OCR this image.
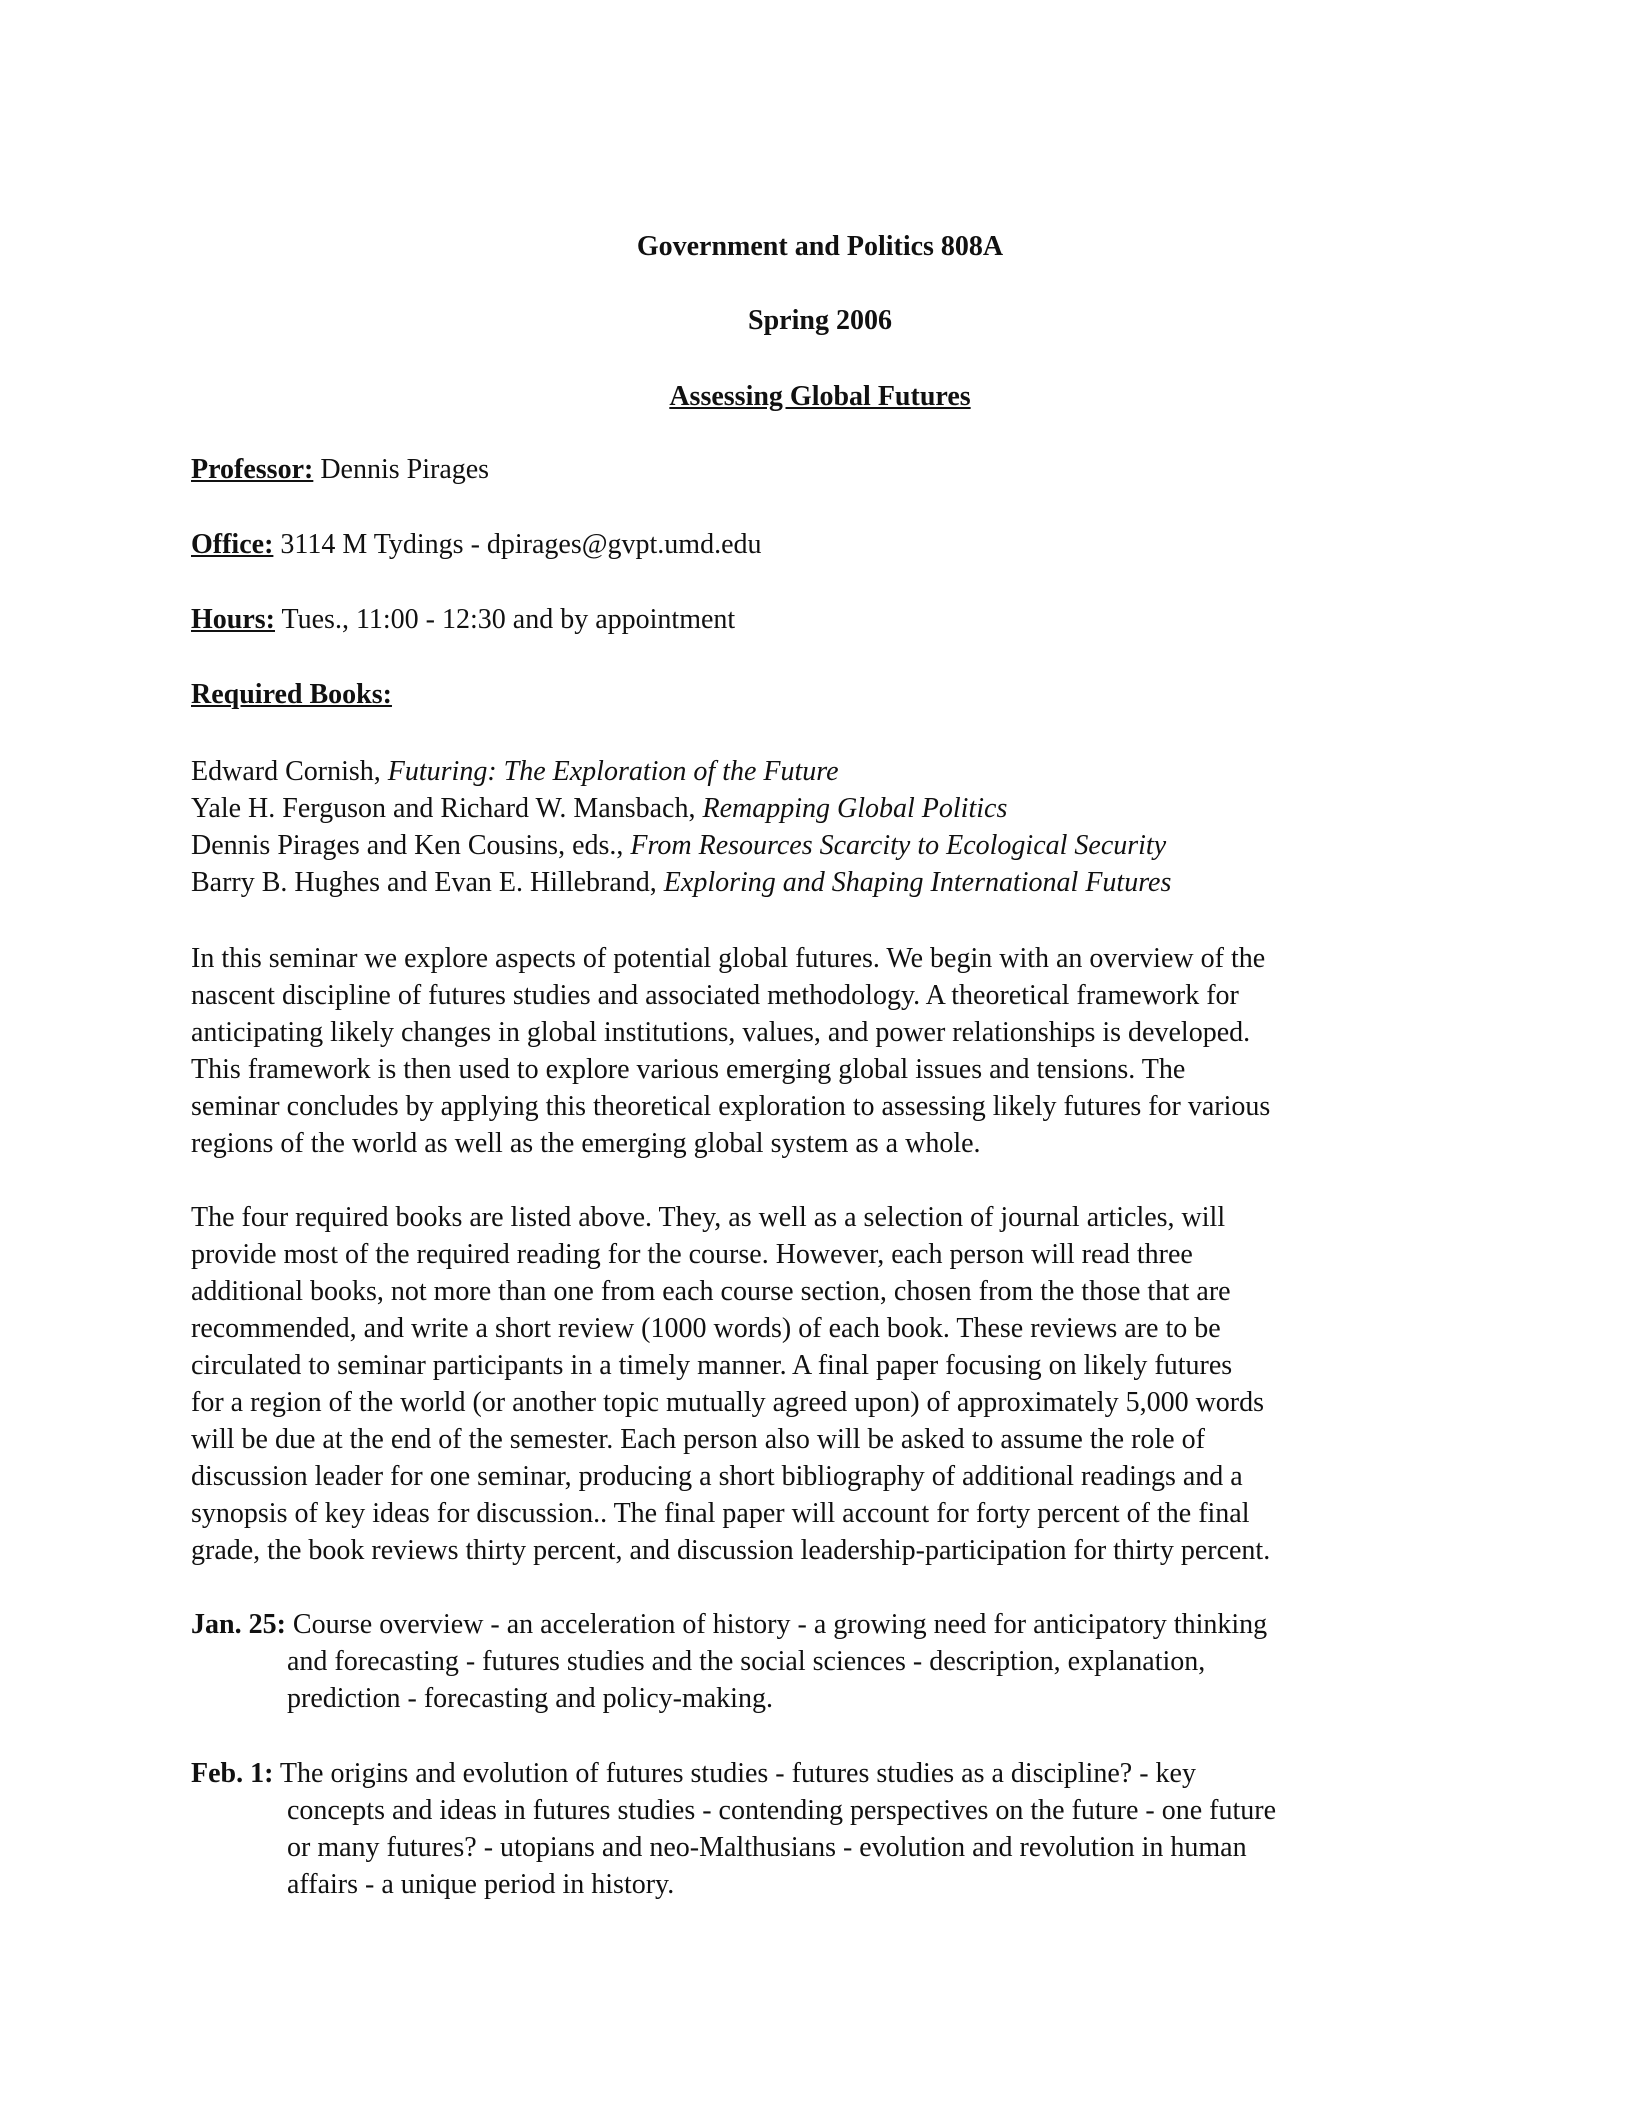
Government and Politics 808A
Spring 2006
Assessing Global Futures
Professor: Dennis Pirages
Office: 3114 M Tydings - dpirages@gvpt.umd.edu
Hours: Tues., 11:00 - 12:30 and by appointment
Required Books:
Edward Cornish, Futuring: The Exploration of the Future
Yale H. Ferguson and Richard W. Mansbach, Remapping Global Politics
Dennis Pirages and Ken Cousins, eds., From Resources Scarcity to Ecological Security
Barry B. Hughes and Evan E. Hillebrand, Exploring and Shaping International Futures
In this seminar we explore aspects of potential global futures. We begin with an overview of the
nascent discipline of futures studies and associated methodology. A theoretical framework for
anticipating likely changes in global institutions, values, and power relationships is developed.
This framework is then used to explore various emerging global issues and tensions. The
seminar concludes by applying this theoretical exploration to assessing likely futures for various
regions of the world as well as the emerging global system as a whole.
The four required books are listed above. They, as well as a selection of journal articles, will
provide most of the required reading for the course. However, each person will read three
additional books, not more than one from each course section, chosen from the those that are
recommended, and write a short review (1000 words) of each book. These reviews are to be
circulated to seminar participants in a timely manner. A final paper focusing on likely futures
for a region of the world (or another topic mutually agreed upon) of approximately 5,000 words
will be due at the end of the semester. Each person also will be asked to assume the role of
discussion leader for one seminar, producing a short bibliography of additional readings and a
synopsis of key ideas for discussion.. The final paper will account for forty percent of the final
grade, the book reviews thirty percent, and discussion leadership-participation for thirty percent.
Jan. 25: Course overview - an acceleration of history - a growing need for anticipatory thinking
and forecasting - futures studies and the social sciences - description, explanation,
prediction - forecasting and policy-making.
Feb. 1: The origins and evolution of futures studies - futures studies as a discipline? - key
concepts and ideas in futures studies - contending perspectives on the future - one future
or many futures? - utopians and neo-Malthusians - evolution and revolution in human
affairs - a unique period in history.
